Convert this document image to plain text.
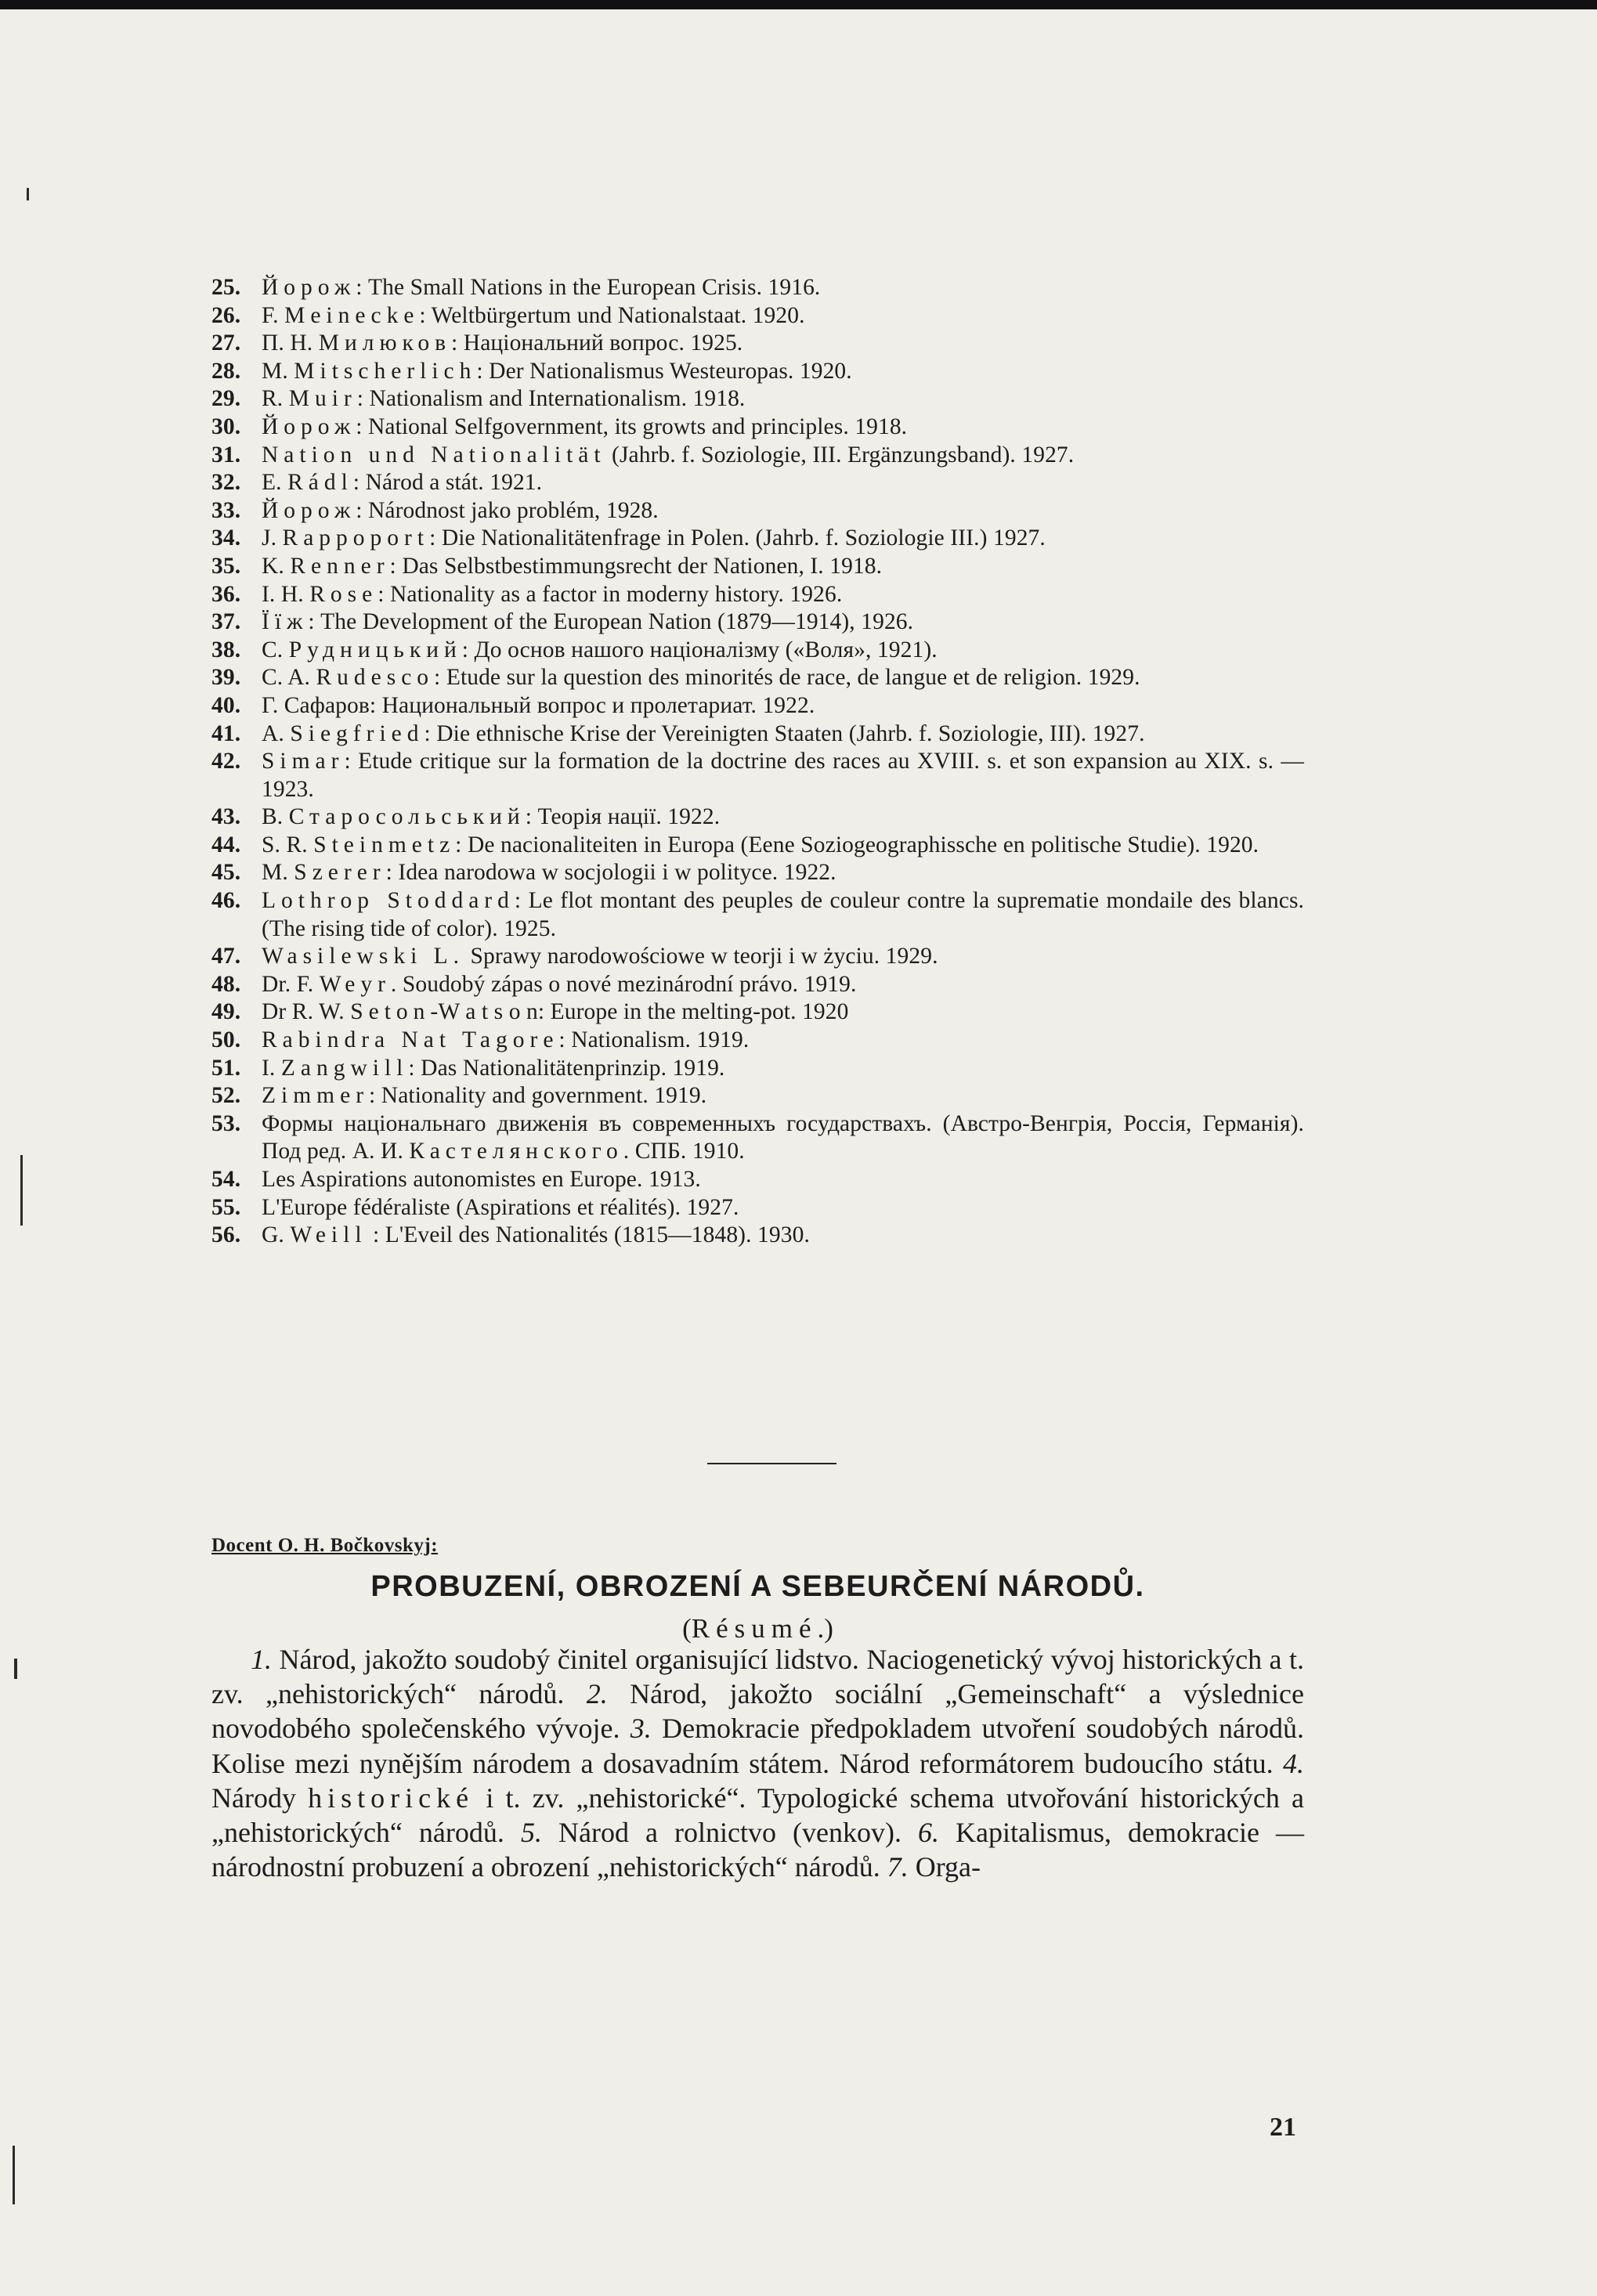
25. Йорож: The Small Nations in the European Crisis. 1916.
26. F. Meinecke: Weltbürgertum und Nationalstaat. 1920.
27. П. Н. Милюков: Національний вопрос. 1925.
28. M. Mitscherlich: Der Nationalismus Westeuropas. 1920.
29. R. Muir: Nationalism and Internationalism. 1918.
30. Йорож: National Selfgovernment, its growts and principles. 1918.
31. Nation und Nationalität (Jahrb. f. Soziologie, III. Ergänzungsband). 1927.
32. E. Rádl: Národ a stát. 1921.
33. Йорож: Národnost jako problém, 1928.
34. J. Rappoport: Die Nationalitätenfrage in Polen. (Jahrb. f. Soziologie III.) 1927.
35. K. Renner: Das Selbstbestimmungsrecht der Nationen, I. 1918.
36. I. H. Rose: Nationality as a factor in moderny history. 1926.
37. Їїж: The Development of the European Nation (1879—1914), 1926.
38. С. Рудницький: До основ нашого націоналізму («Воля», 1921).
39. C. A. Rudesco: Etude sur la question des minorités de race, de langue et de religion. 1929.
40. Г. Сафаров: Национальный вопрос и пролетариат. 1922.
41. A. Siegfried: Die ethnische Krise der Vereinigten Staaten (Jahrb. f. Soziologie, III). 1927.
42. Simar: Etude critique sur la formation de la doctrine des races au XVIII. s. et son expansion au XIX. s. — 1923.
43. В. Старосольський: Теорія нації. 1922.
44. S. R. Steinmetz: De nacionaliteiten in Europa (Eene Soziogeographissche en politische Studie). 1920.
45. M. Szerer: Idea narodowa w socjologii i w polityce. 1922.
46. Lothrop Stoddard: Le flot montant des peuples de couleur contre la suprematie mondaile des blancs. (The rising tide of color). 1925.
47. Wasilewski L. Sprawy narodowościowe w teorji i w życiu. 1929.
48. Dr. F. Weyr. Soudobý zápas o nové mezinárodní právo. 1919.
49. Dr R. W. Seton-W a t s o n: Europe in the melting-pot. 1920
50. Rabindra Nat Tagore: Nationalism. 1919.
51. I. Zangwill: Das Nationalitätenprinzip. 1919.
52. Zimmer: Nationality and government. 1919.
53. Формы національнаго движенія въ современныхъ государствахъ. (Австро-Венгрія, Россія, Германія). Под ред. А. И. Кастелянского. СПБ. 1910.
54. Les Aspirations autonomistes en Europe. 1913.
55. L'Europe fédéraliste (Aspirations et réalités). 1927.
56. G. Weill : L'Eveil des Nationalités (1815—1848). 1930.
Docent O. H. Bočkovskyj:
PROBUZENÍ, OBROZENÍ A SEBEURČENÍ NÁRODŮ.
(Résumé.)
1. Národ, jakožto soudobý činitel organisující lidstvo. Naciogenetický vývoj historických a t. zv. „nehistorických“ národů. 2. Národ, jakožto sociální „Gemeinschaft“ a výslednice novodobého společenského vývoje. 3. Demokracie předpokladem utvoření soudobých národů. Kolise mezi nynějším národem a dosavadním státem. Národ reformátorem budoucího státu. 4. Národy historické i t. zv. „nehistorické“. Typologické schema utvořování historických a „nehistorických“ národů. 5. Národ a rolnictvo (venkov). 6. Kapitalismus, demokracie — národnostní probuzení a obrození „nehistorických“ národů. 7. Orga-
21
